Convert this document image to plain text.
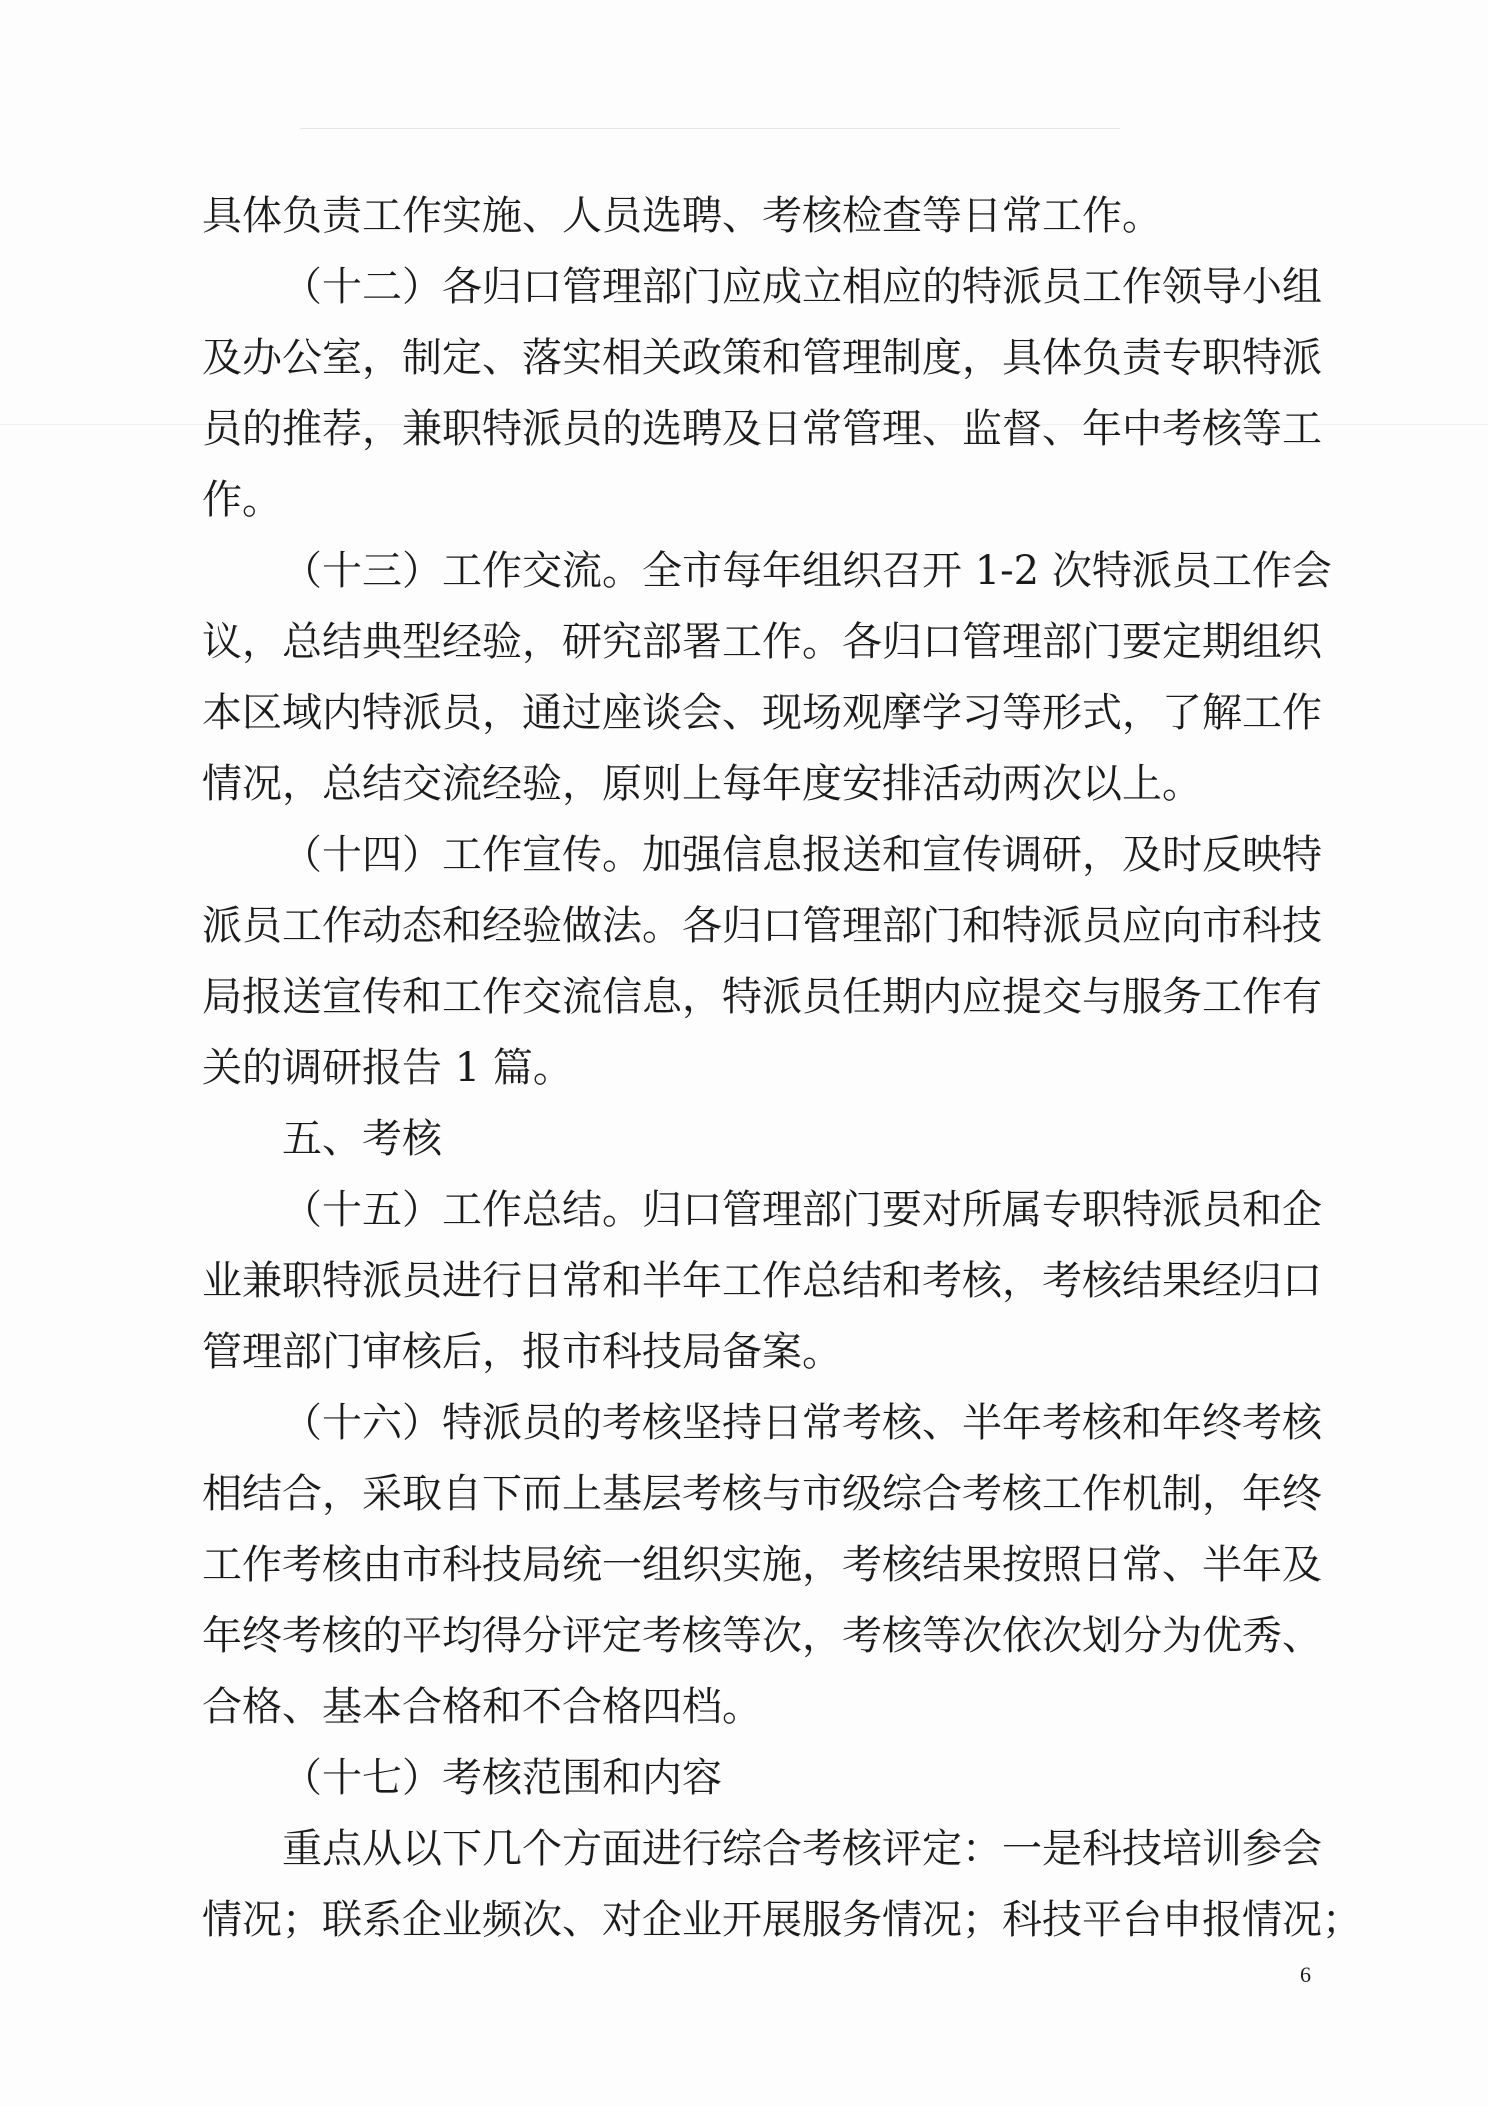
具体负责工作实施、人员选聘、考核检查等日常工作。
（十二）各归口管理部门应成立相应的特派员工作领导小组
及办公室，制定、落实相关政策和管理制度，具体负责专职特派
员的推荐，兼职特派员的选聘及日常管理、监督、年中考核等工
作。
（十三）工作交流。全市每年组织召开 1-2 次特派员工作会
议，总结典型经验，研究部署工作。各归口管理部门要定期组织
本区域内特派员，通过座谈会、现场观摩学习等形式，了解工作
情况，总结交流经验，原则上每年度安排活动两次以上。
（十四）工作宣传。加强信息报送和宣传调研，及时反映特
派员工作动态和经验做法。各归口管理部门和特派员应向市科技
局报送宣传和工作交流信息，特派员任期内应提交与服务工作有
关的调研报告 1 篇。
五、考核
（十五）工作总结。归口管理部门要对所属专职特派员和企
业兼职特派员进行日常和半年工作总结和考核，考核结果经归口
管理部门审核后，报市科技局备案。
（十六）特派员的考核坚持日常考核、半年考核和年终考核
相结合，采取自下而上基层考核与市级综合考核工作机制，年终
工作考核由市科技局统一组织实施，考核结果按照日常、半年及
年终考核的平均得分评定考核等次，考核等次依次划分为优秀、
合格、基本合格和不合格四档。
（十七）考核范围和内容
重点从以下几个方面进行综合考核评定：一是科技培训参会
情况；联系企业频次、对企业开展服务情况；科技平台申报情况；
6
